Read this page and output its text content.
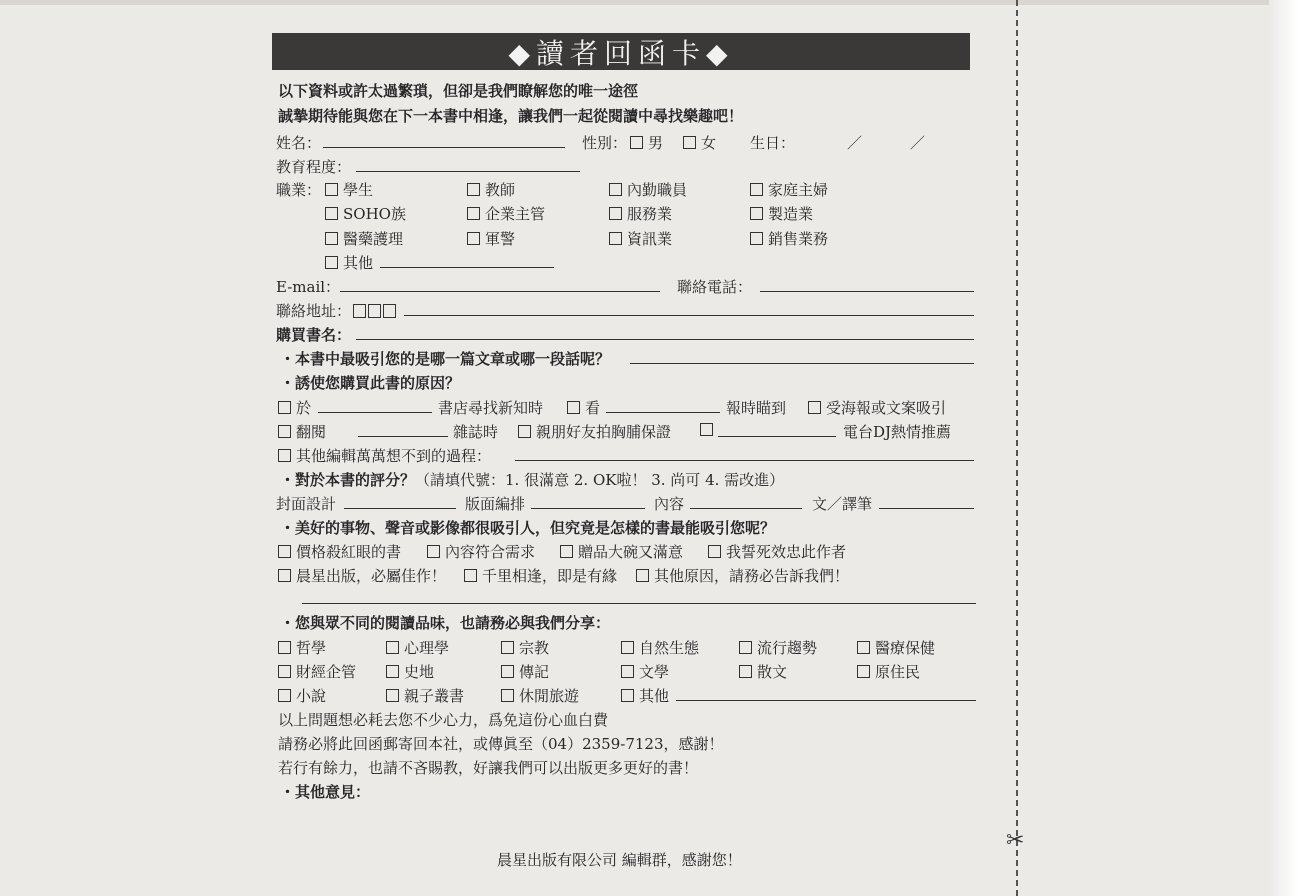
✂
◆讀者回函卡◆
以下資料或許太過繁瑣，但卻是我們瞭解您的唯一途徑
誠摯期待能與您在下一本書中相逢，讓我們一起從閱讀中尋找樂趣吧！
姓名：	性別：	男	女 生日：	／	／
教育程度：
職業：	學生	教師	內勤職員	家庭主婦
SOHO族	企業主管	服務業	製造業
醫藥護理	軍警	資訊業	銷售業務
其他
E-mail：	聯絡電話：
聯絡地址：
購買書名：
・本書中最吸引您的是哪一篇文章或哪一段話呢？
・誘使您購買此書的原因？
於	書店尋找新知時	看	報時瞄到	受海報或文案吸引
翻閱	雜誌時	親朋好友拍胸脯保證	電台DJ熱情推薦
其他編輯萬萬想不到的過程：
・對於本書的評分？（請填代號：1. 很滿意 2. OK啦！ 3. 尚可 4. 需改進）
封面設計	版面編排	內容	文／譯筆
・美好的事物、聲音或影像都很吸引人，但究竟是怎樣的書最能吸引您呢？
價格殺紅眼的書	內容符合需求	贈品大碗又滿意	我誓死效忠此作者
晨星出版，必屬佳作！	千里相逢，即是有緣	其他原因，請務必告訴我們！
・您與眾不同的閱讀品味，也請務必與我們分享：
哲學	心理學	宗教	自然生態	流行趨勢	醫療保健
財經企管	史地	傳記	文學	散文	原住民
小說	親子叢書	休閒旅遊	其他
以上問題想必耗去您不少心力，爲免這份心血白費
請務必將此回函郵寄回本社，或傳眞至（04）2359-7123，感謝！
若行有餘力，也請不吝賜教，好讓我們可以出版更多更好的書！
・其他意見：
晨星出版有限公司 編輯群，感謝您！
